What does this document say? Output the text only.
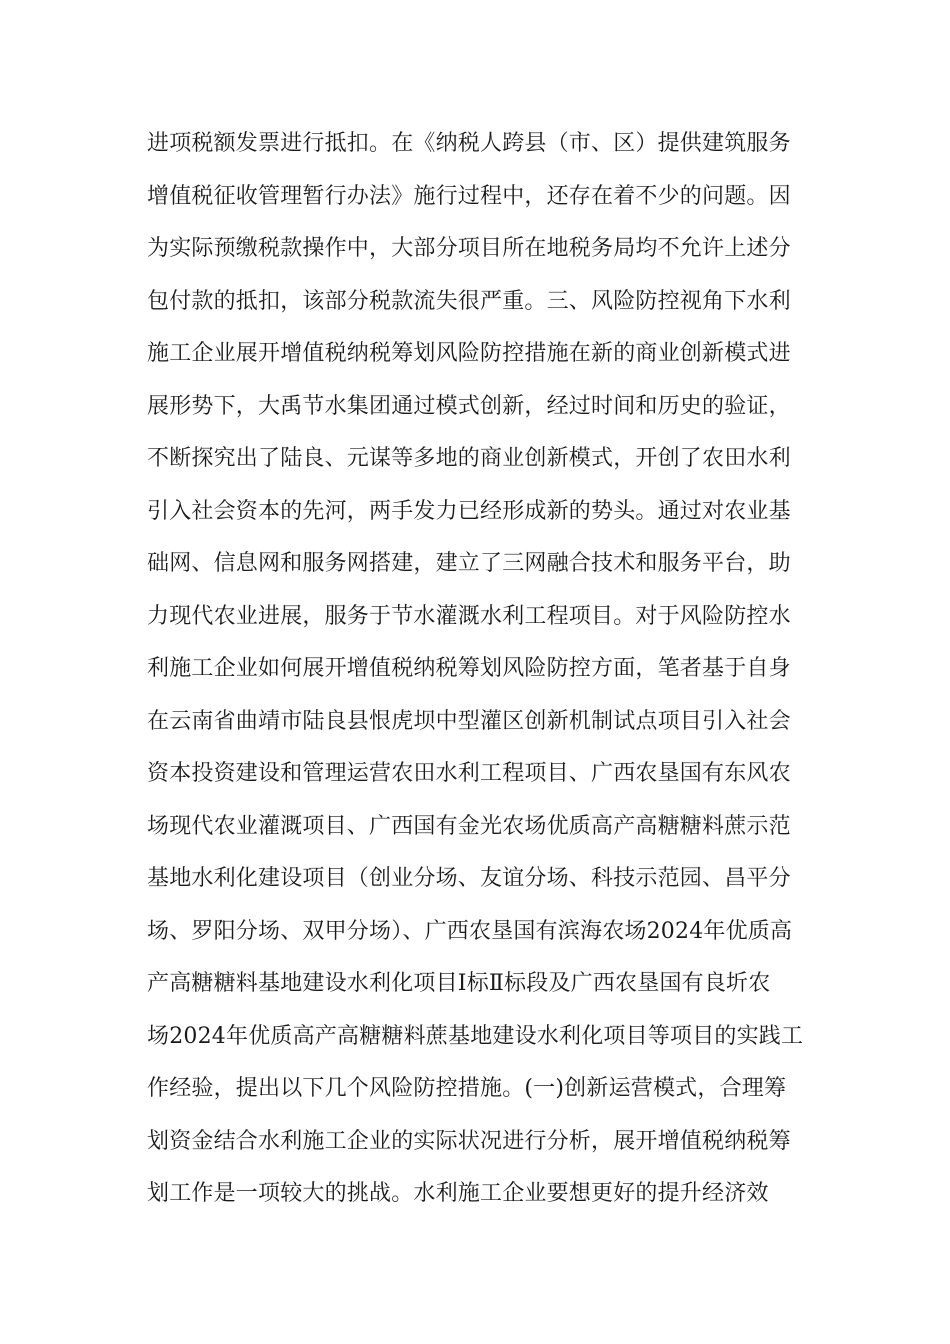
进项税额发票进行抵扣。在《纳税人跨县（市、区）提供建筑服务
增值税征收管理暂行办法》施行过程中，还存在着不少的问题。因
为实际预缴税款操作中，大部分项目所在地税务局均不允许上述分
包付款的抵扣，该部分税款流失很严重。三、风险防控视角下水利
施工企业展开增值税纳税筹划风险防控措施在新的商业创新模式进
展形势下，大禹节水集团通过模式创新，经过时间和历史的验证，
不断探究出了陆良、元谋等多地的商业创新模式，开创了农田水利
引入社会资本的先河，两手发力已经形成新的势头。通过对农业基
础网、信息网和服务网搭建，建立了三网融合技术和服务平台，助
力现代农业进展，服务于节水灌溉水利工程项目。对于风险防控水
利施工企业如何展开增值税纳税筹划风险防控方面，笔者基于自身
在云南省曲靖市陆良县恨虎坝中型灌区创新机制试点项目引入社会
资本投资建设和管理运营农田水利工程项目、广西农垦国有东风农
场现代农业灌溉项目、广西国有金光农场优质高产高糖糖料蔗示范
基地水利化建设项目（创业分场、友谊分场、科技示范园、昌平分
场、罗阳分场、双甲分场）、广西农垦国有滨海农场2024年优质高
产高糖糖料基地建设水利化项目Ⅰ标Ⅱ标段及广西农垦国有良圻农
场2024年优质高产高糖糖料蔗基地建设水利化项目等项目的实践工
作经验，提出以下几个风险防控措施。(一)创新运营模式，合理筹
划资金结合水利施工企业的实际状况进行分析，展开增值税纳税筹
划工作是一项较大的挑战。水利施工企业要想更好的提升经济效
